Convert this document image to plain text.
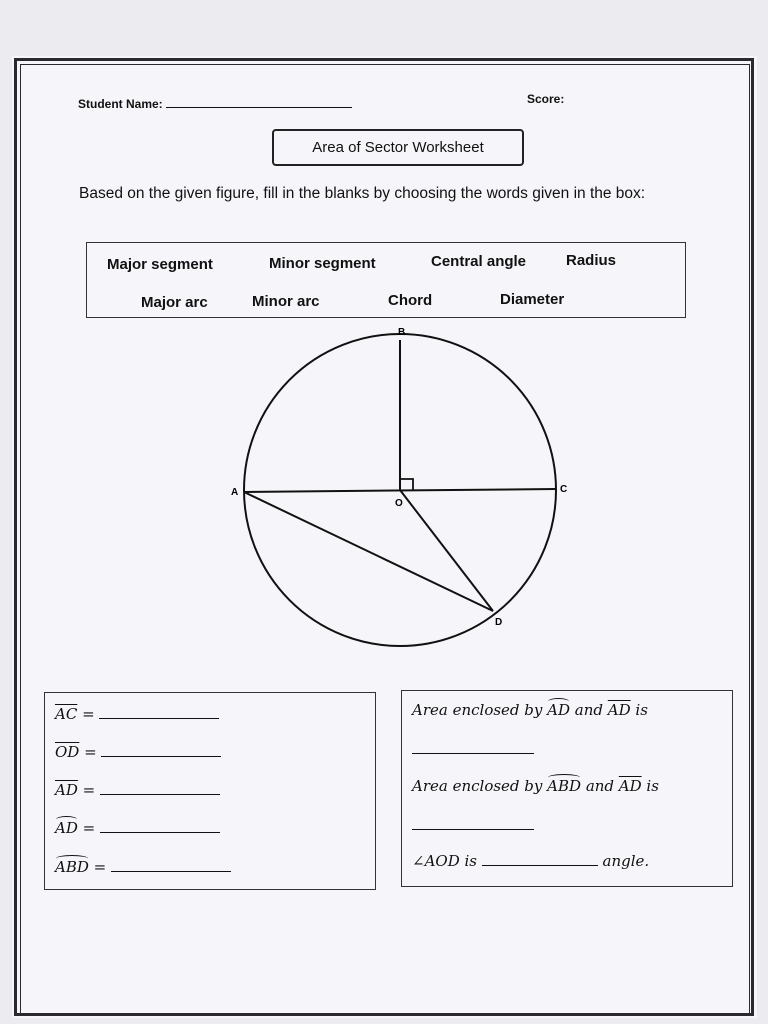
Student Name:	Score:
Area of Sector Worksheet
Based on the given figure, fill in the blanks by choosing the words given in the box:
Major segment	Minor segment	Central angle	Radius
Major arc	Minor arc	Chord	Diameter
B
A	C
O
D
$\overline{AC}$ =
$\overline{OD}$ =
$\overline{AD}$ =
AD =
ABD =
Area enclosed by AD and $\overline{AD}$ is
Area enclosed by ABD and $\overline{AD}$ is
∠AOD is	angle.
